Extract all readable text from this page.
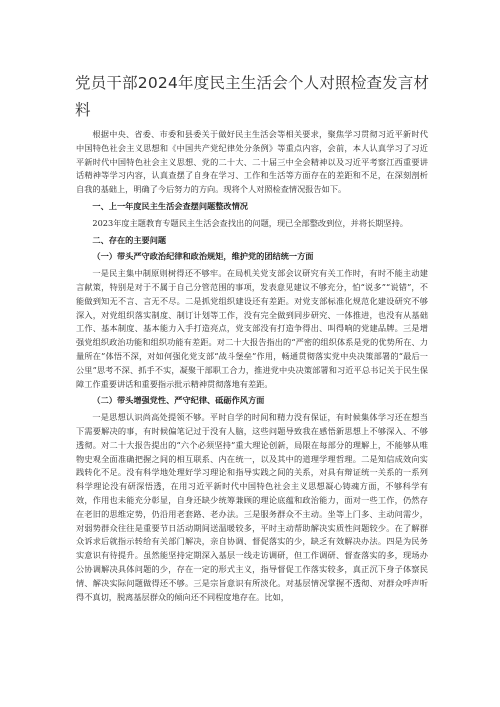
党员干部2024年度民主生活会个人对照检查发言材料

根据中央、省委、市委和县委关于做好民主生活会等相关要求，聚焦学习贯彻习近平新时代中国特色社会主义思想和《中国共产党纪律处分条例》等重点内容，会前，本人认真学习了习近平新时代中国特色社会主义思想、党的二十大、二十届三中全会精神以及习近平考察江西重要讲话精神等学习内容，认真查摆了自身在学习、工作和生活等方面存在的差距和不足，在深刻剖析自我的基础上，明确了今后努力的方向。现将个人对照检查情况报告如下。

一、上一年度民主生活会查摆问题整改情况

2023年度主题教育专题民主生活会查找出的问题，现已全部整改到位，并将长期坚持。

二、存在的主要问题

（一）带头严守政治纪律和政治规矩，维护党的团结统一方面

一是民主集中制原则树得还不够牢。在局机关党支部会议研究有关工作时，有时不能主动建言献策，特别是对于不属于自己分管范围的事项，发表意见建议不够充分，怕“说多”“说错”，不能做到知无不言、言无不尽。二是抓党组织建设还有差距。对党支部标准化规范化建设研究不够深入，对党组织落实制度、制订计划等工作，没有完全做到同步研究、一体推进，也没有从基础工作、基本制度、基本能力入手打造亮点，党支部没有打造争得出、叫得响的党建品牌。三是增强党组织政治功能和组织功能有差距。对二十大报告指出的“严密的组织体系是党的优势所在、力量所在”体悟不深，对如何强化党支部“战斗堡垒”作用，畅通贯彻落实党中央决策部署的“最后一公里”思考不深、抓手不实，凝聚干部职工合力，推进党中央决策部署和习近平总书记关于民生保障工作重要讲话和重要指示批示精神贯彻落地有差距。

（二）带头增强党性、严守纪律、砥砺作风方面

一是思想认识尚高处提领不够。平时自学的时间和精力没有保证，有时候集体学习还在想当下需要解决的事，有时候偏笔记过于没有人脑，这些问题导致我在感悟新思想上不够深入、不够透彻。对二十大报告提出的“六个必须坚持”重大理论创新，局限在每部分的理解上，不能够从唯物史观全面准确把握之间的相互联系、内在统一，以及其中的道理学理哲理。二是知信成效向实践转化不足。没有科学地处理好学习理论和指导实践之间的关系，对具有辩证统一关系的一系列科学理论没有研深悟透，在用习近平新时代中国特色社会主义思想凝心铸魂方面，不够科学有效，作用也未能充分彰显，自身还缺少统筹兼顾的理论底蕴和政治能力，面对一些工作，仍然存在老旧的思维定势，仍沿用老套路、老办法。三是服务群众不主动。坐等上门多、主动问需少，对弱势群众往往是重要节日活动期间送温暖较多，平时主动帮助解决实质性问题较少。在了解群众诉求后就指示转给有关部门解决，亲自协调、督促落实的少，缺乏有效解决办法。四是为民务实意识有待提升。虽然能坚持定期深入基层一线走访调研，但工作调研、督查落实的多，现场办公协调解决具体问题的少，存在一定的形式主义，指导督促工作落实较多，真正沉下身子体察民情、解决实际问题做得还不够。三是宗旨意识有所淡化。对基层情况掌握不透彻、对群众呼声听得不真切，脱离基层群众的倾向还不同程度地存在。比如，
